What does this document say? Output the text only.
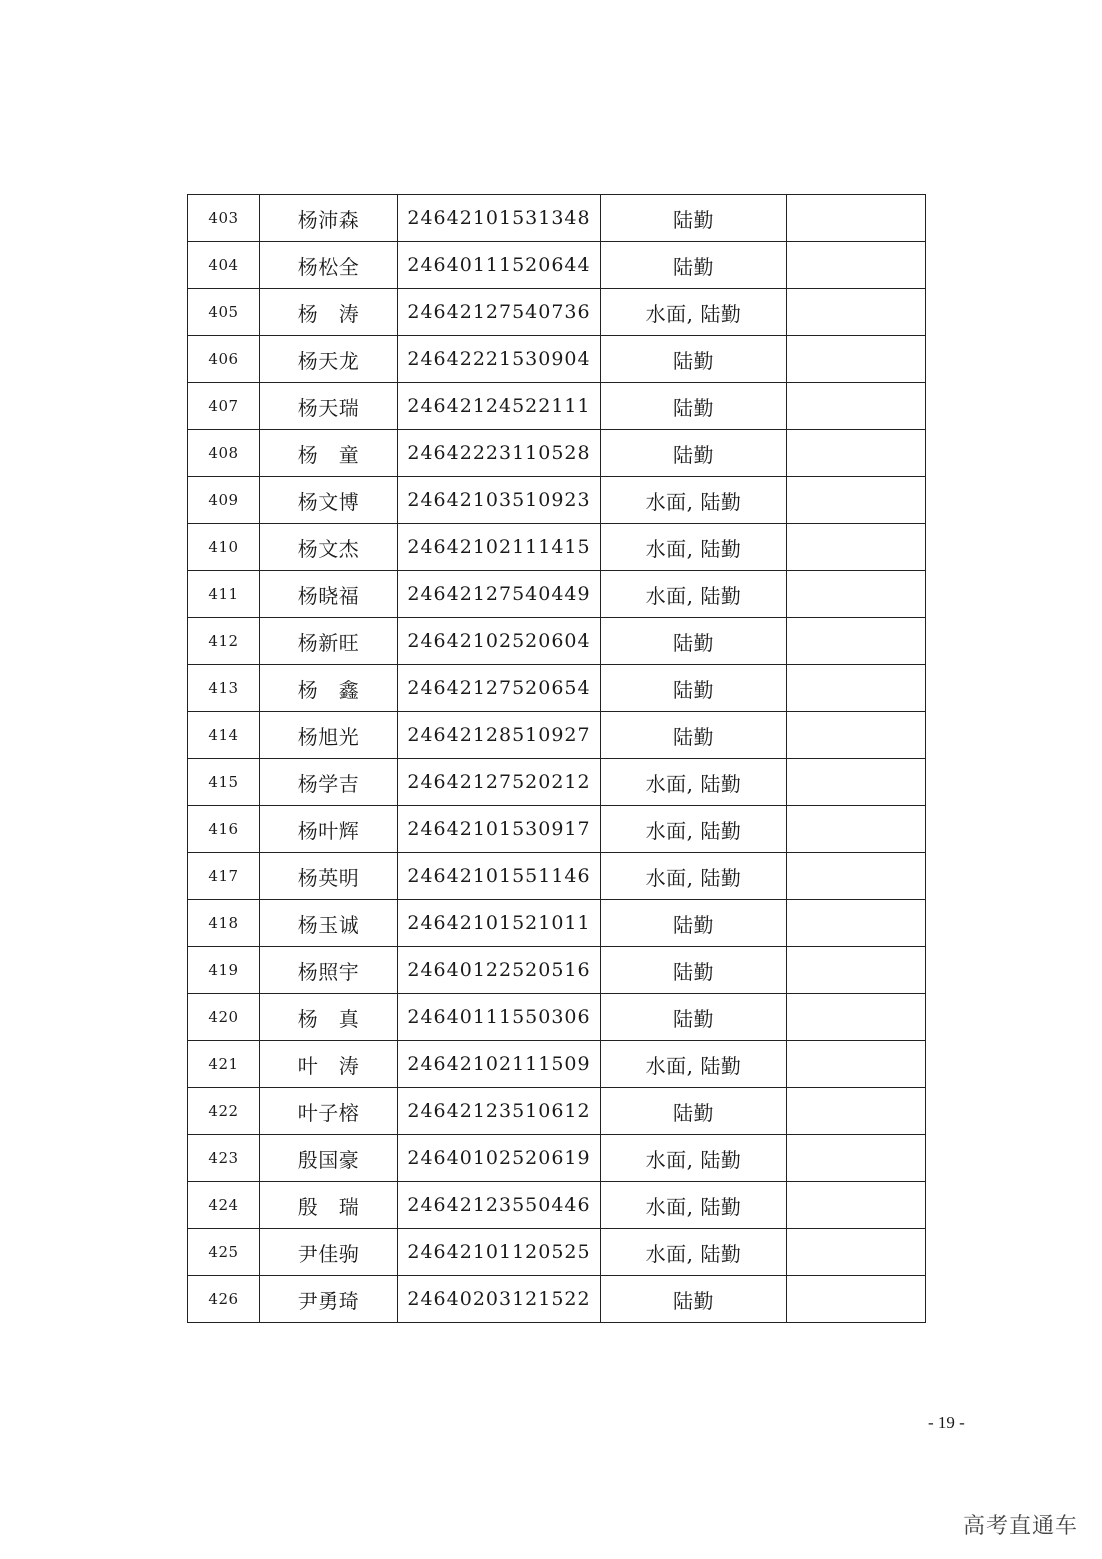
403	杨沛森	24642101531348	陆勤	
404	杨松全	24640111520644	陆勤	
405	杨　涛	24642127540736	水面, 陆勤	
406	杨天龙	24642221530904	陆勤	
407	杨天瑞	24642124522111	陆勤	
408	杨　童	24642223110528	陆勤	
409	杨文博	24642103510923	水面, 陆勤	
410	杨文杰	24642102111415	水面, 陆勤	
411	杨晓福	24642127540449	水面, 陆勤	
412	杨新旺	24642102520604	陆勤	
413	杨　鑫	24642127520654	陆勤	
414	杨旭光	24642128510927	陆勤	
415	杨学吉	24642127520212	水面, 陆勤	
416	杨叶辉	24642101530917	水面, 陆勤	
417	杨英明	24642101551146	水面, 陆勤	
418	杨玉诚	24642101521011	陆勤	
419	杨照宇	24640122520516	陆勤	
420	杨　真	24640111550306	陆勤	
421	叶　涛	24642102111509	水面, 陆勤	
422	叶子榕	24642123510612	陆勤	
423	殷国豪	24640102520619	水面, 陆勤	
424	殷　瑞	24642123550446	水面, 陆勤	
425	尹佳驹	24642101120525	水面, 陆勤	
426	尹勇琦	24640203121522	陆勤	
- 19 -
高考直通车
